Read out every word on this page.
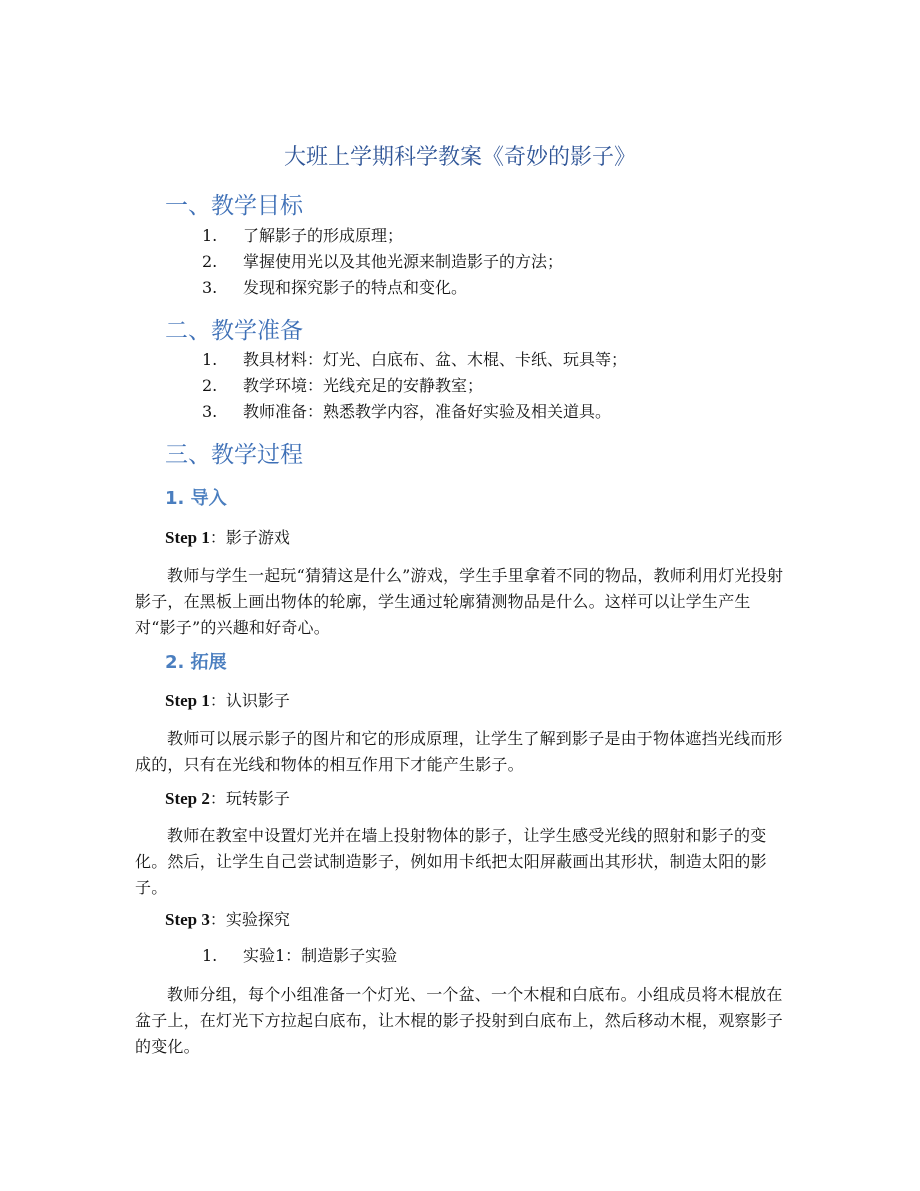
大班上学期科学教案《奇妙的影子》
一、教学目标
1. 了解影子的形成原理；
2. 掌握使用光以及其他光源来制造影子的方法；
3. 发现和探究影子的特点和变化。
二、教学准备
1. 教具材料：灯光、白底布、盆、木棍、卡纸、玩具等；
2. 教学环境：光线充足的安静教室；
3. 教师准备：熟悉教学内容，准备好实验及相关道具。
三、教学过程
1. 导入
Step 1：影子游戏
教师与学生一起玩“猜猜这是什么”游戏，学生手里拿着不同的物品，教师利用灯光投射影子，在黑板上画出物体的轮廓，学生通过轮廓猜测物品是什么。这样可以让学生产生对“影子”的兴趣和好奇心。
2. 拓展
Step 1：认识影子
教师可以展示影子的图片和它的形成原理，让学生了解到影子是由于物体遮挡光线而形成的，只有在光线和物体的相互作用下才能产生影子。
Step 2：玩转影子
教师在教室中设置灯光并在墙上投射物体的影子，让学生感受光线的照射和影子的变化。然后，让学生自己尝试制造影子，例如用卡纸把太阳屏蔽画出其形状，制造太阳的影子。
Step 3：实验探究
1. 实验1：制造影子实验
教师分组，每个小组准备一个灯光、一个盆、一个木棍和白底布。小组成员将木棍放在盆子上，在灯光下方拉起白底布，让木棍的影子投射到白底布上，然后移动木棍，观察影子的变化。
